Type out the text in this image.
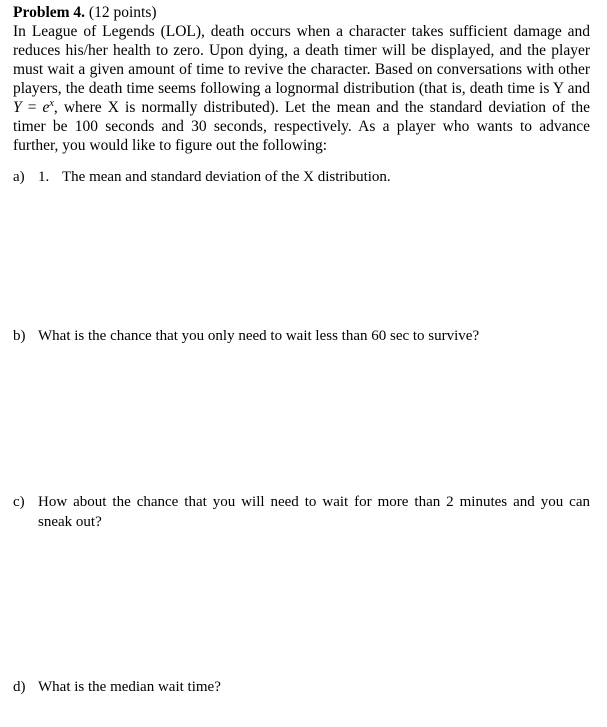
Problem 4. (12 points)

In League of Legends (LOL), death occurs when a character takes sufficient damage and reduces his/her health to zero. Upon dying, a death timer will be displayed, and the player must wait a given amount of time to revive the character. Based on conversations with other players, the death time seems following a lognormal distribution (that is, death time is Y and $Y = e^x$, where X is normally distributed). Let the mean and the standard deviation of the timer be 100 seconds and 30 seconds, respectively. As a player who wants to advance further, you would like to figure out the following:

a) 1. The mean and standard deviation of the X distribution.
b) What is the chance that you only need to wait less than 60 sec to survive?
c) How about the chance that you will need to wait for more than 2 minutes and you can sneak out?
d) What is the median wait time?
